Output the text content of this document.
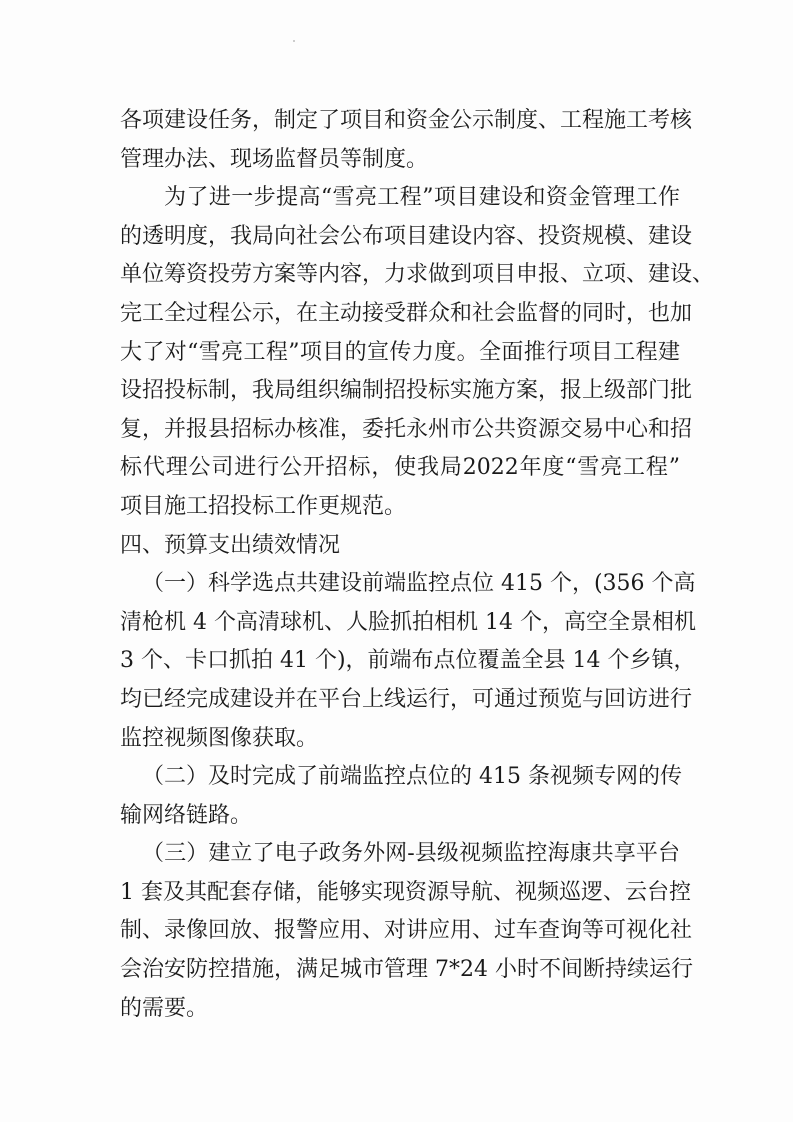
各项建设任务，制定了项目和资金公示制度、工程施工考核
管理办法、现场监督员等制度。
为了进一步提高“雪亮工程”项目建设和资金管理工作
的透明度，我局向社会公布项目建设内容、投资规模、建设
单位筹资投劳方案等内容，力求做到项目申报、立项、建设、
完工全过程公示，在主动接受群众和社会监督的同时，也加
大了对“雪亮工程”项目的宣传力度。全面推行项目工程建
设招投标制，我局组织编制招投标实施方案，报上级部门批
复，并报县招标办核准，委托永州市公共资源交易中心和招
标代理公司进行公开招标，使我局2022年度“雪亮工程”
项目施工招投标工作更规范。
四、预算支出绩效情况
（一）科学选点共建设前端监控点位 415 个，(356 个高
清枪机 4 个高清球机、人脸抓拍相机 14 个，高空全景相机
3 个、卡口抓拍 41 个)，前端布点位覆盖全县 14 个乡镇，
均已经完成建设并在平台上线运行，可通过预览与回访进行
监控视频图像获取。
（二）及时完成了前端监控点位的 415 条视频专网的传
输网络链路。
（三）建立了电子政务外网-县级视频监控海康共享平台
1 套及其配套存储，能够实现资源导航、视频巡逻、云台控
制、录像回放、报警应用、对讲应用、过车查询等可视化社
会治安防控措施，满足城市管理 7*24 小时不间断持续运行
的需要。
